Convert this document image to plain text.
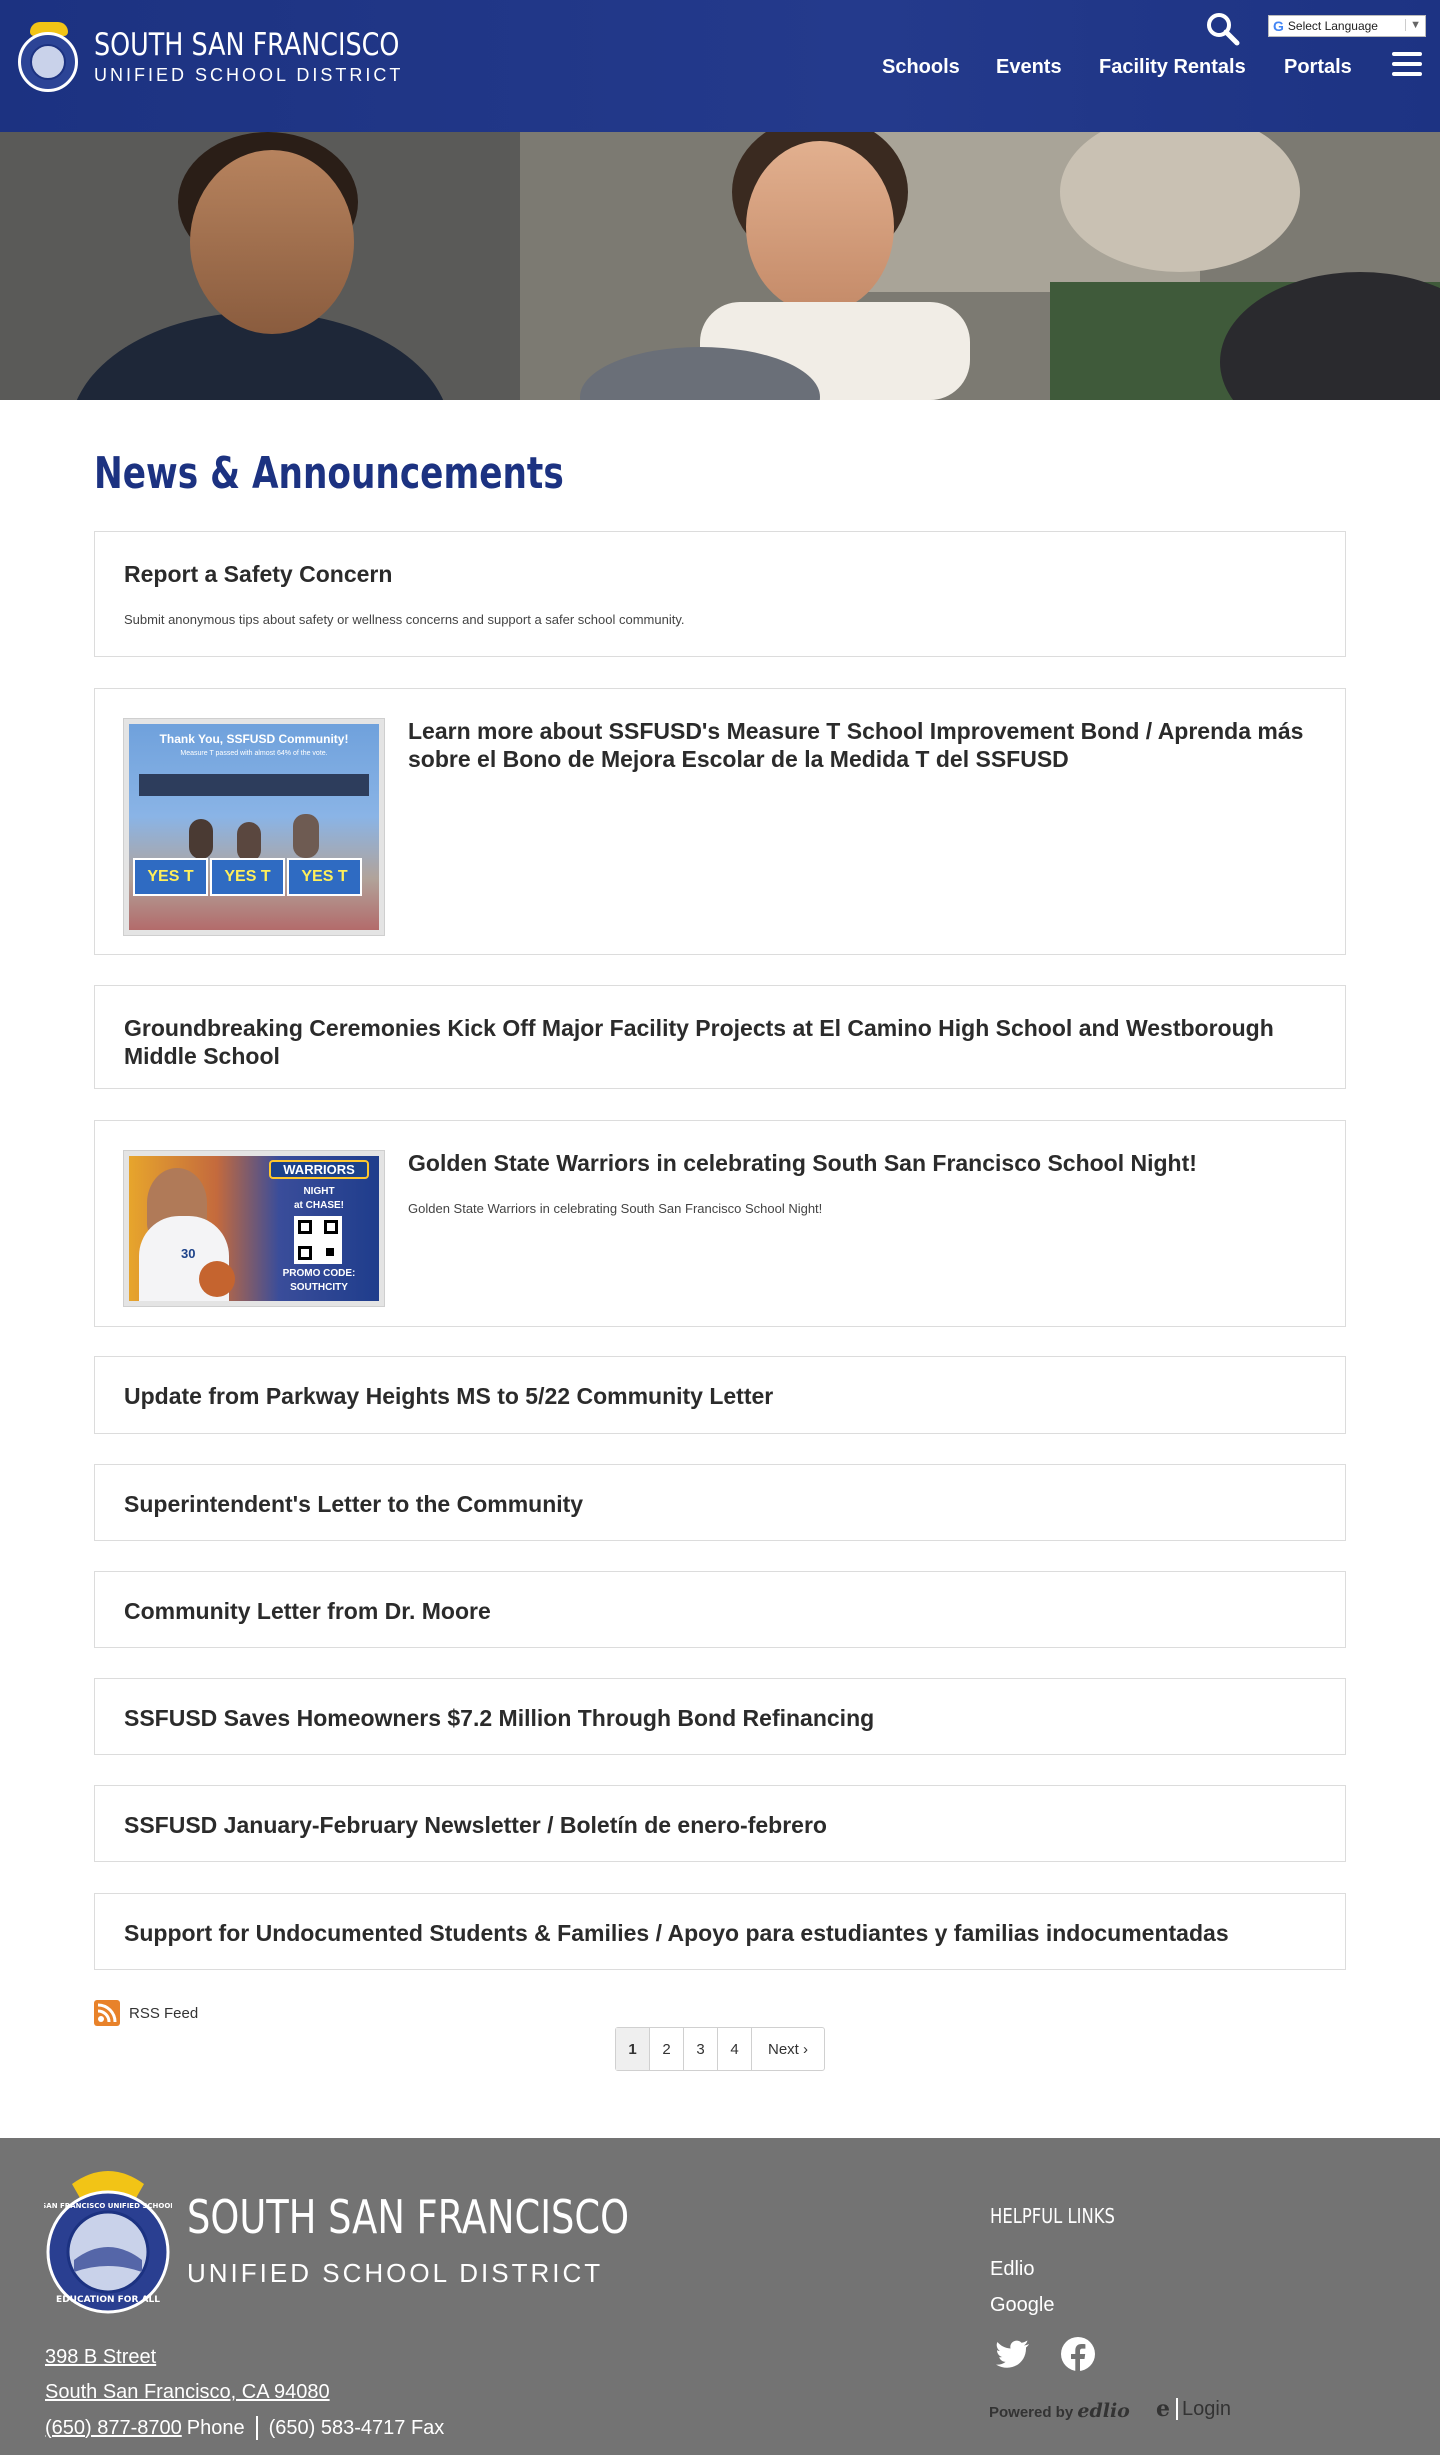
SOUTH SAN FRANCISCO
UNIFIED SCHOOL DISTRICT
G Select Language	▼
Schools Events Facility Rentals Portals
News & Announcements
Report a Safety Concern
Submit anonymous tips about safety or wellness concerns and support a safer school community.
Thank You, SSFUSD Community!
Measure T passed with almost 64% of the vote.
YES T	YES T	YES T
Learn more about SSFUSD's Measure T School Improvement Bond / Aprenda más sobre el Bono de Mejora Escolar de la Medida T del SSFUSD
Groundbreaking Ceremonies Kick Off Major Facility Projects at El Camino High School and Westborough Middle School
30
WARRIORS
NIGHT
at CHASE!
PROMO CODE:
SOUTHCITY
Golden State Warriors in celebrating South San Francisco School Night!
Golden State Warriors in celebrating South San Francisco School Night!
Update from Parkway Heights MS to 5/22 Community Letter
Superintendent's Letter to the Community
Community Letter from Dr. Moore
SSFUSD Saves Homeowners $7.2 Million Through Bond Refinancing
SSFUSD January-February Newsletter / Boletín de enero-febrero
Support for Undocumented Students & Families / Apoyo para estudiantes y familias indocumentadas
RSS Feed
1	2	3	4	Next ›
EDUCATION FOR ALL
SAN FRANCISCO UNIFIED SCHOOL SOUTH SAN FRANCISCO
UNIFIED SCHOOL DISTRICT
398 B Street
South San Francisco, CA 94080
(650) 877-8700 Phone (650) 583-4717 Fax
HELPFUL LINKS
Edlio
Google
Powered by edlio e Login
